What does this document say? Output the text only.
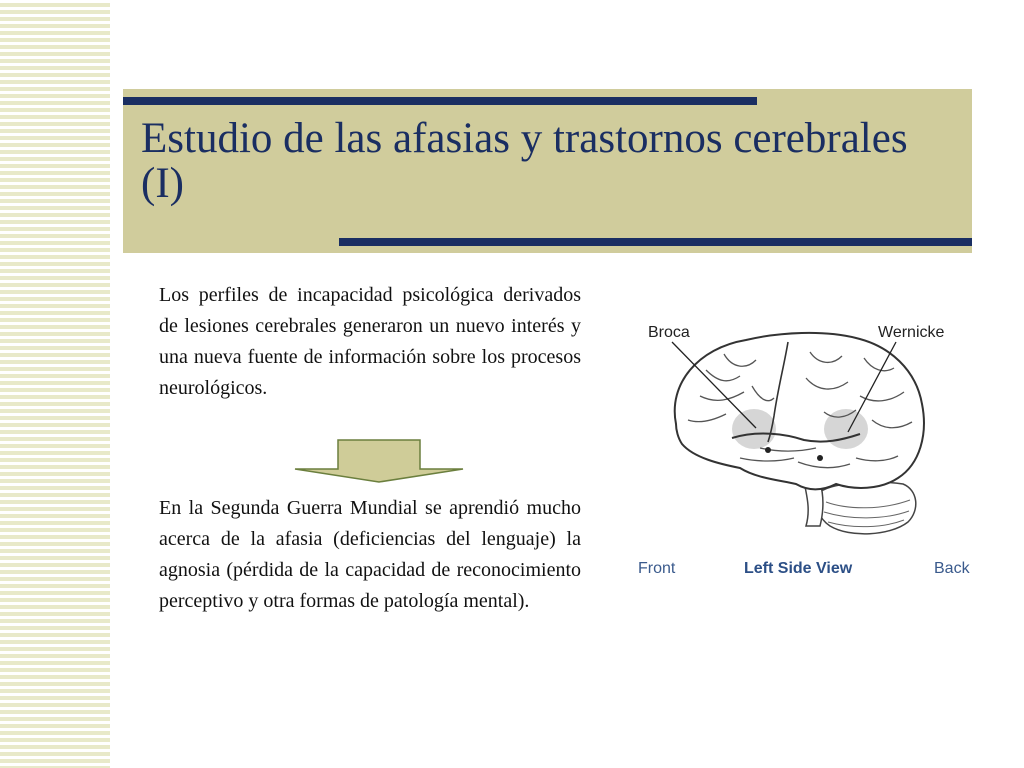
Estudio de las afasias y trastornos cerebrales (I)

Los perfiles de incapacidad psicológica derivados de lesiones cerebrales generaron un nuevo interés y una nueva fuente de información sobre los procesos neurológicos.

En la Segunda Guerra Mundial se aprendió mucho acerca de la afasia (deficiencias del lenguaje) la agnosia (pérdida de la capacidad de reconocimiento perceptivo y otra formas de patología mental).

Broca	Wernicke
Front	Left Side View	Back
